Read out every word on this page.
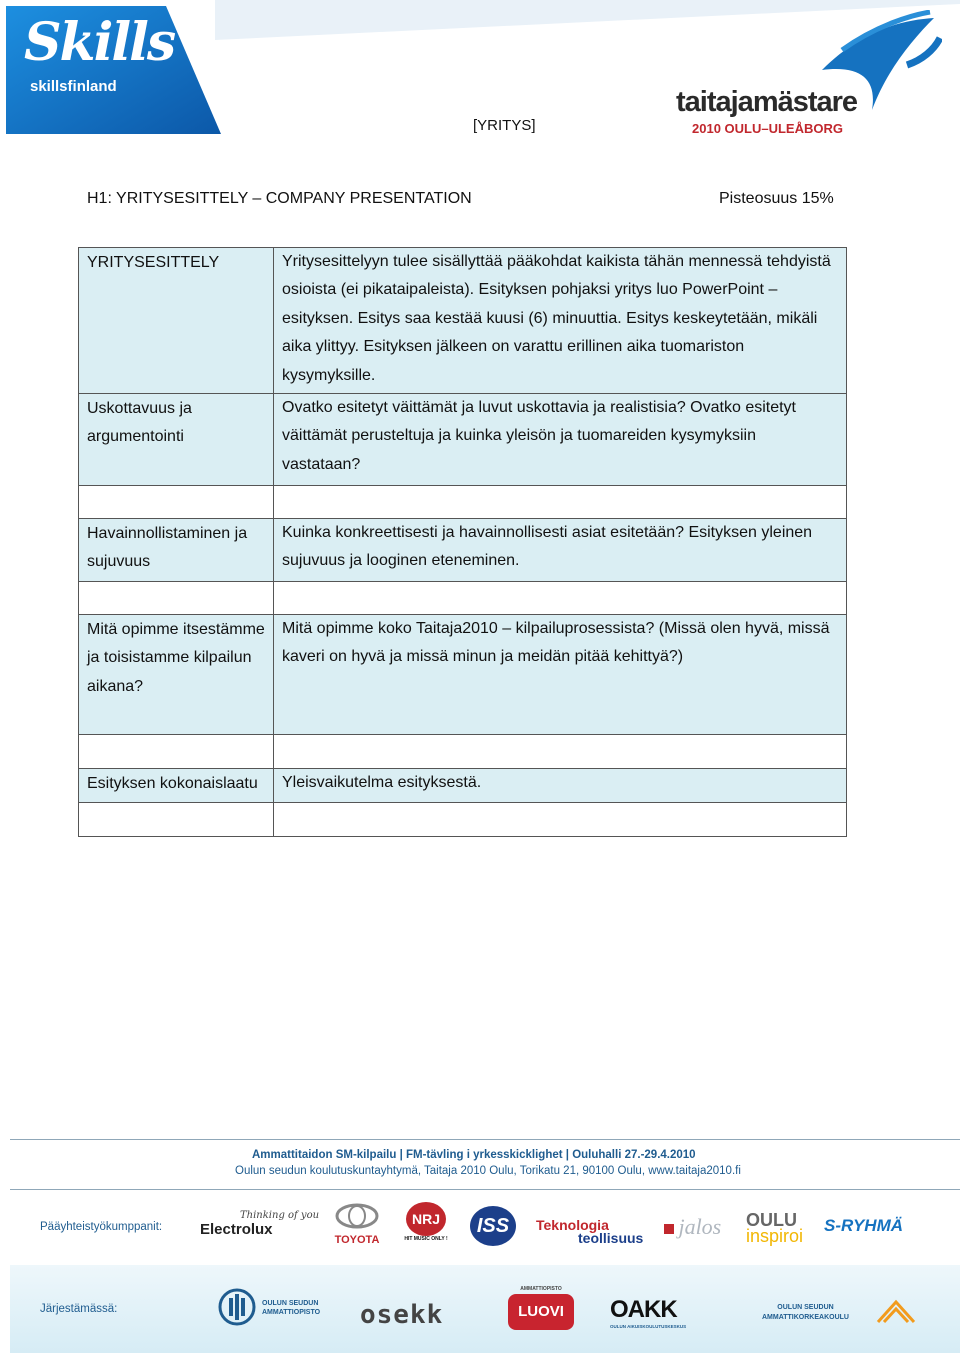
Skills
skillsfinland	taitajamästare
2010 OULU–ULEÅBORG
[YRITYS]
H1: YRITYSESITTELY – COMPANY PRESENTATION	Pisteosuus 15%
YRITYSESITTELY	Yritysesittelyyn tulee sisällyttää pääkohdat kaikista tähän mennessä tehdyistä osioista (ei pikataipaleista). Esityksen pohjaksi yritys luo PowerPoint – esityksen. Esitys saa kestää kuusi (6) minuuttia. Esitys keskeytetään, mikäli aika ylittyy. Esityksen jälkeen on varattu erillinen aika tuomariston kysymyksille.
Uskottavuus ja argumentointi	Ovatko esitetyt väittämät ja luvut uskottavia ja realistisia? Ovatko esitetyt väittämät perusteltuja ja kuinka yleisön ja tuomareiden kysymyksiin vastataan?

Havainnollistaminen ja sujuvuus	Kuinka konkreettisesti ja havainnollisesti asiat esitetään? Esityksen yleinen sujuvuus ja looginen eteneminen.

Mitä opimme itsestämme ja toisistamme kilpailun aikana?	Mitä opimme koko Taitaja2010 – kilpailuprosessista? (Missä olen hyvä, missä kaveri on hyvä ja missä minun ja meidän pitää kehittyä?)

Esityksen kokonaislaatu	Yleisvaikutelma esityksestä.

Ammattitaidon SM-kilpailu | FM-tävling i yrkesskicklighet | Ouluhalli 27.-29.4.2010
Oulun seudun koulutuskuntayhtymä, Taitaja 2010 Oulu, Torikatu 21, 90100 Oulu, www.taitaja2010.fi
Pääyhteistyökumppanit:
Thinking of you
Electrolux
TOYOTA
NRJ
HIT MUSIC ONLY !
ISS	Teknologia
teollisuus	jalos	OULU
inspiroi
S-RYHMÄ
Järjestämässä:	OULUN SEUDUN
AMMATTIOPISTO osekk
AMMATTIOPISTO
LUOVI	OAKK
OULUN AIKUISKOULUTUSKESKUS
OULUN SEUDUN
AMMATTIKORKEAKOULU
